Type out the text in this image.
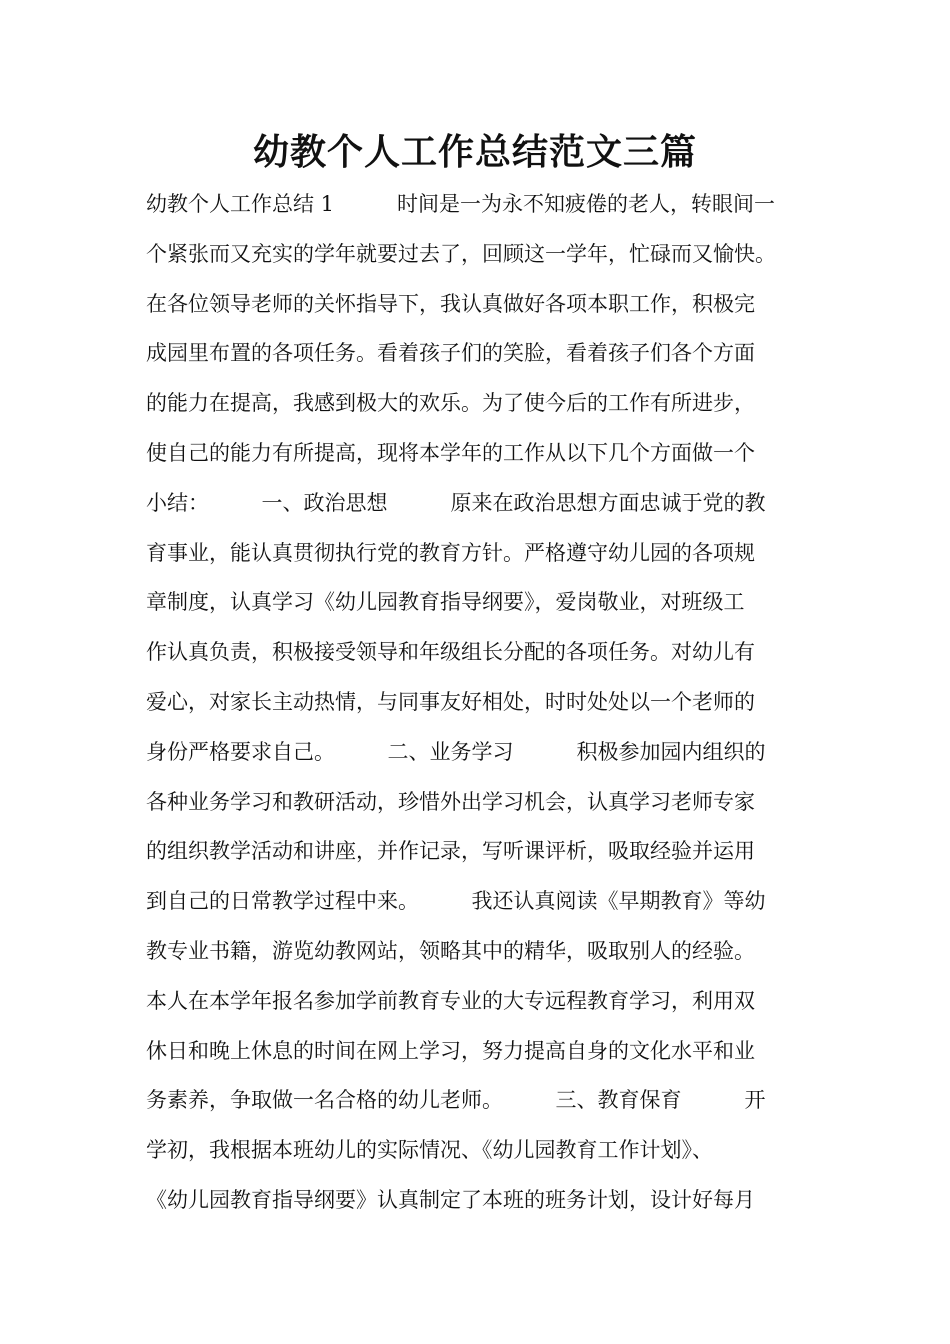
幼教个人工作总结范文三篇
幼教个人工作总结 1　　　时间是一为永不知疲倦的老人，转眼间一
个紧张而又充实的学年就要过去了，回顾这一学年，忙碌而又愉快。
在各位领导老师的关怀指导下，我认真做好各项本职工作，积极完
成园里布置的各项任务。看着孩子们的笑脸，看着孩子们各个方面
的能力在提高，我感到极大的欢乐。为了使今后的工作有所进步，
使自己的能力有所提高，现将本学年的工作从以下几个方面做一个
小结：　　　一、政治思想　　　原来在政治思想方面忠诚于党的教
育事业，能认真贯彻执行党的教育方针。严格遵守幼儿园的各项规
章制度，认真学习《幼儿园教育指导纲要》，爱岗敬业，对班级工
作认真负责，积极接受领导和年级组长分配的各项任务。对幼儿有
爱心，对家长主动热情，与同事友好相处，时时处处以一个老师的
身份严格要求自己。　　　二、业务学习　　　积极参加园内组织的
各种业务学习和教研活动，珍惜外出学习机会，认真学习老师专家
的组织教学活动和讲座，并作记录，写听课评析，吸取经验并运用
到自己的日常教学过程中来。　　　我还认真阅读《早期教育》等幼
教专业书籍，游览幼教网站，领略其中的精华，吸取别人的经验。
本人在本学年报名参加学前教育专业的大专远程教育学习，利用双
休日和晚上休息的时间在网上学习，努力提高自身的文化水平和业
务素养，争取做一名合格的幼儿老师。　　　三、教育保育　　　开
学初，我根据本班幼儿的实际情况、《幼儿园教育工作计划》、
《幼儿园教育指导纲要》认真制定了本班的班务计划，设计好每月
